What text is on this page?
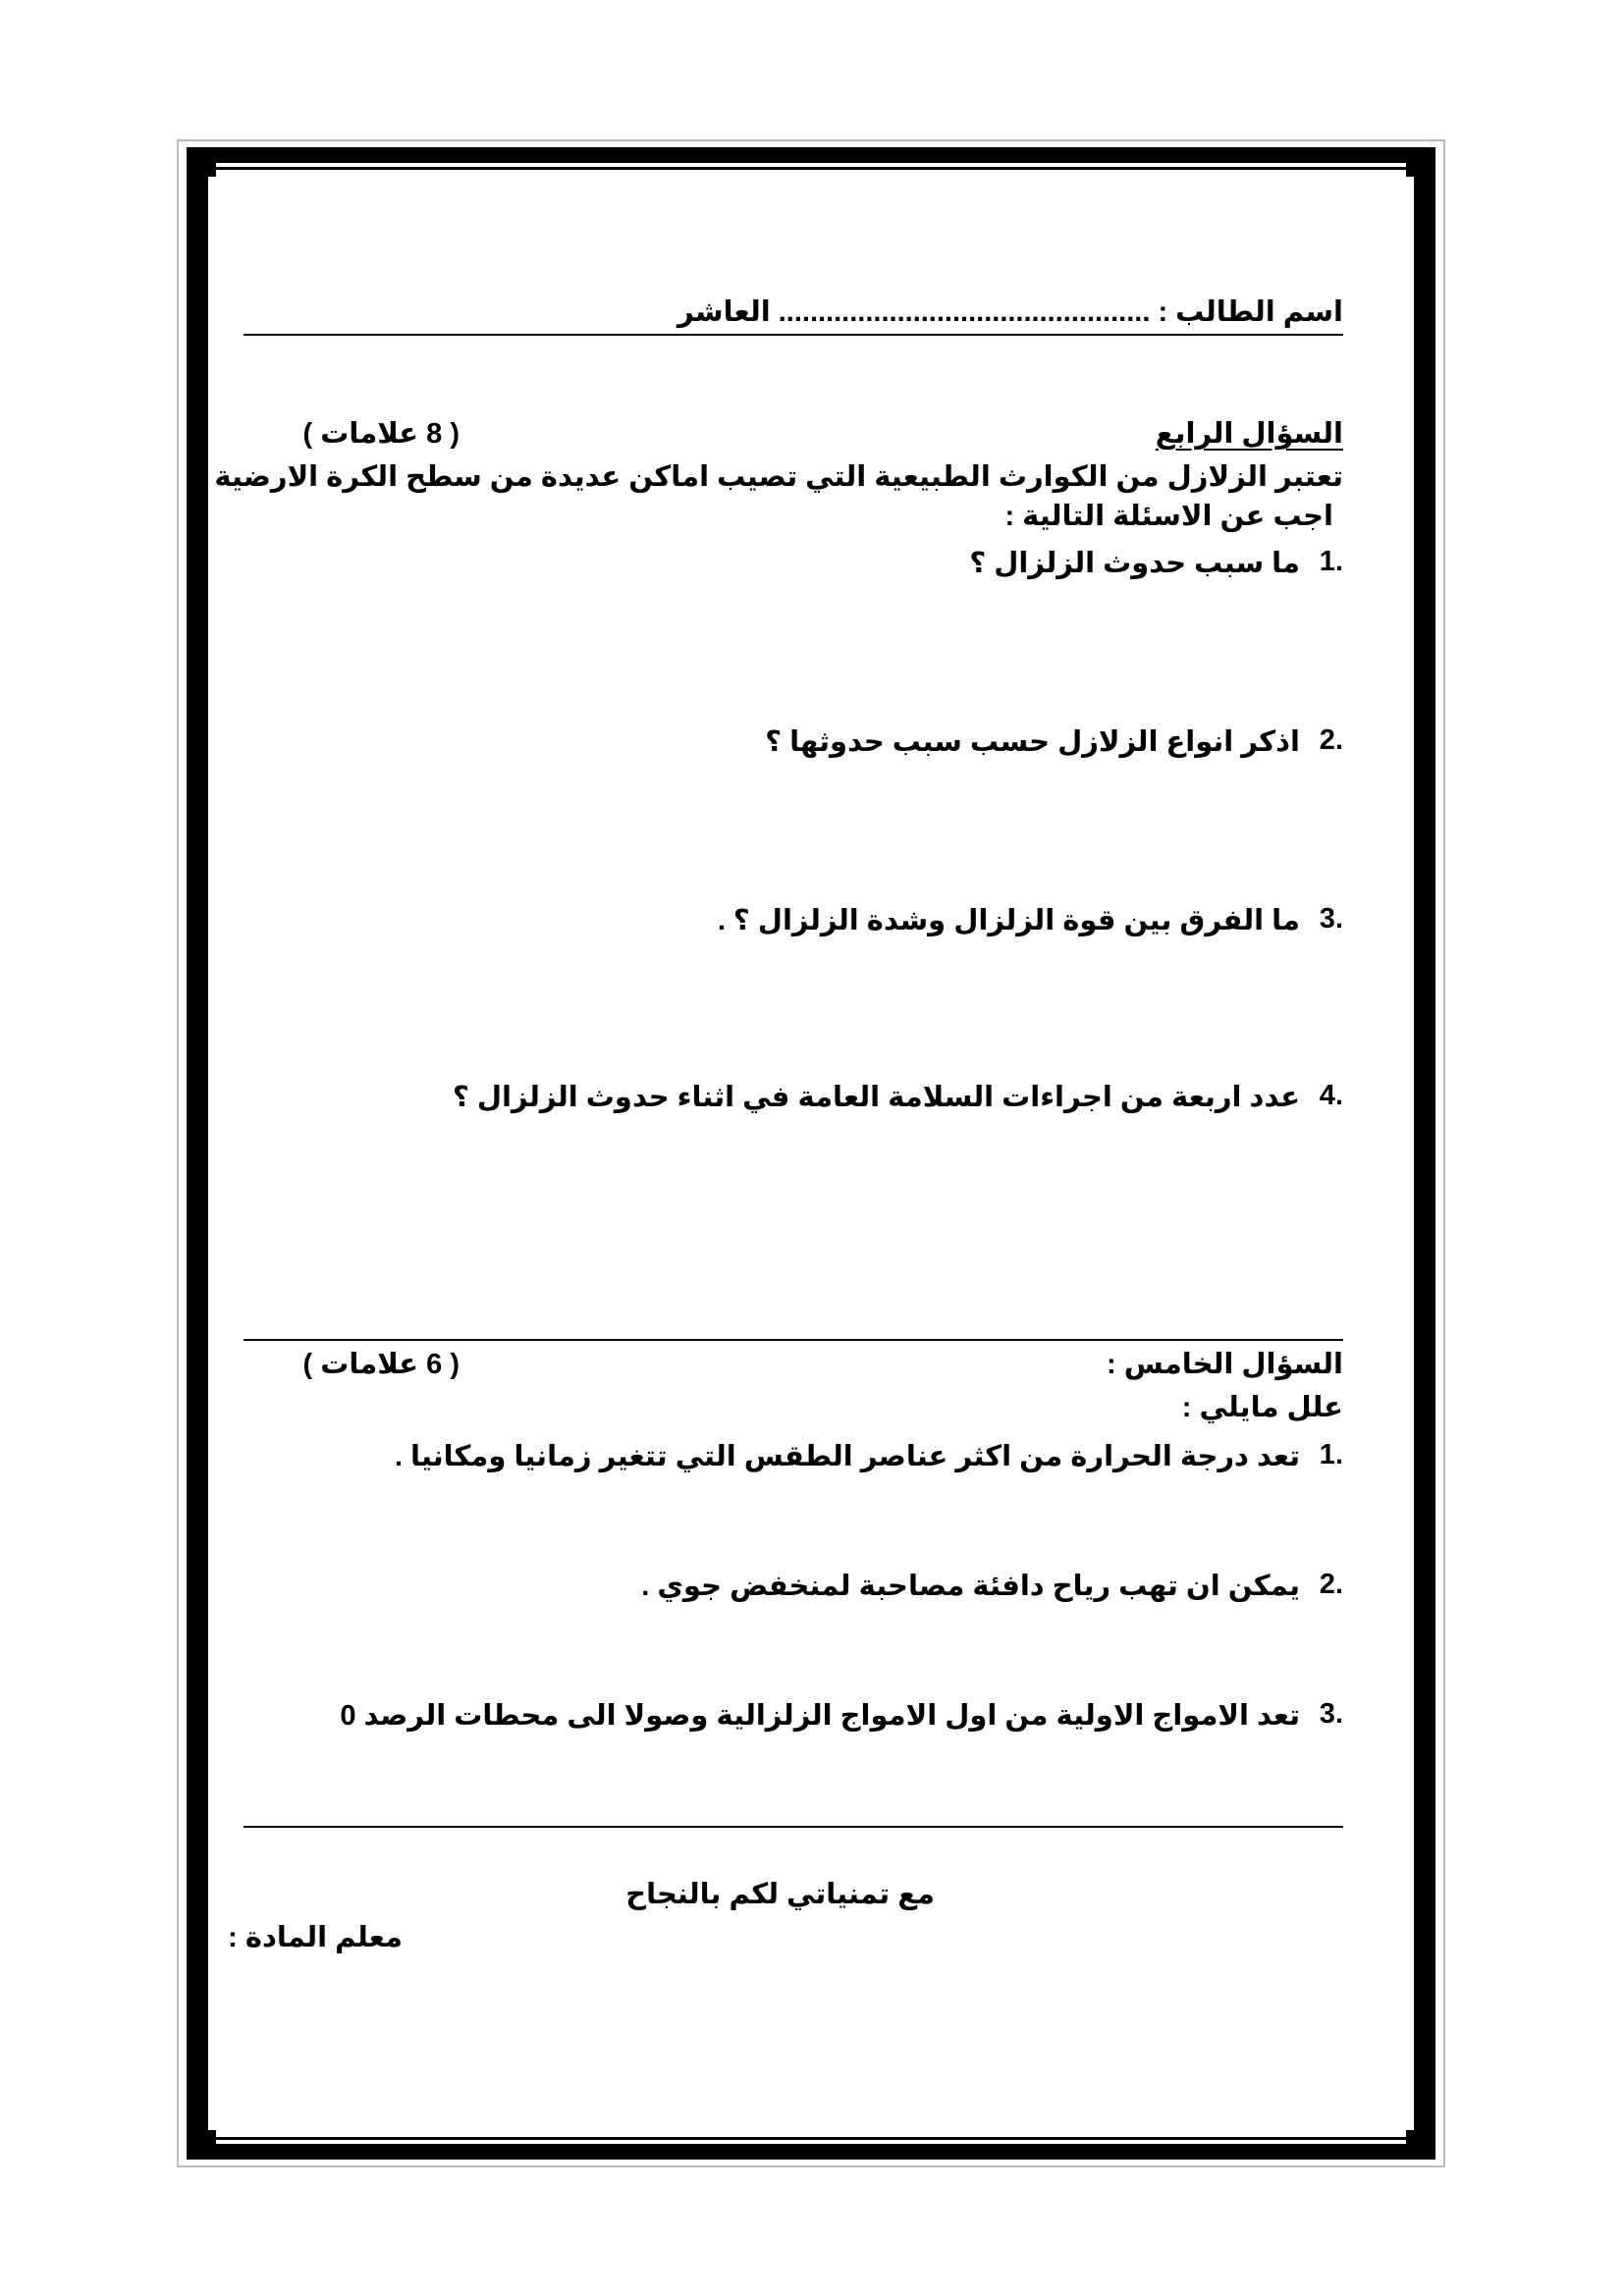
اسم الطالب : ............................................... العاشر
السؤال الرابع
( 8 علامات )
تعتبر الزلازل من الكوارث الطبيعية التي تصيب اماكن عديدة من سطح الكرة الارضية .
اجب عن الاسئلة التالية :
.1
ما سبب حدوث الزلزال ؟
.2
اذكر انواع الزلازل حسب سبب حدوثها ؟
.3
ما الفرق بين قوة الزلزال وشدة الزلزال ؟ .
.4
عدد اربعة من اجراءات السلامة العامة في اثناء حدوث الزلزال ؟
السؤال الخامس :
( 6 علامات )
علل مايلي :
.1
تعد درجة الحرارة من اكثر عناصر الطقس التي تتغير زمانيا ومكانيا .
.2
يمكن ان تهب رياح دافئة مصاحبة لمنخفض جوي .
.3
تعد الامواج الاولية من اول الامواج الزلزالية وصولا الى محطات الرصد 0
مع تمنياتي لكم بالنجاح
معلم المادة :
